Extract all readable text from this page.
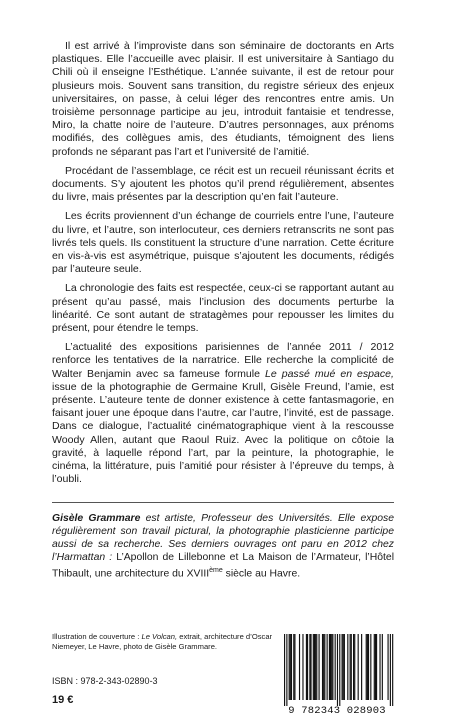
Il est arrivé à l’improviste dans son séminaire de doctorants en Arts plastiques. Elle l’accueille avec plaisir. Il est universitaire à Santiago du Chili où il enseigne l’Esthétique. L’année suivante, il est de retour pour plusieurs mois. Souvent sans transition, du registre sérieux des enjeux universitaires, on passe, à celui léger des rencontres entre amis. Un troisième personnage participe au jeu, introduit fantaisie et tendresse, Miro, la chatte noire de l’auteure. D’autres personnages, aux prénoms modifiés, des collègues amis, des étudiants, témoignent des liens profonds ne séparant pas l’art et l’université de l’amitié.

Procédant de l’assemblage, ce récit est un recueil réunissant écrits et documents. S’y ajoutent les photos qu’il prend régulièrement, absentes du livre, mais présentes par la description qu’en fait l’auteure.

Les écrits proviennent d’un échange de courriels entre l’une, l’auteure du livre, et l’autre, son interlocuteur, ces derniers retranscrits ne sont pas livrés tels quels. Ils constituent la structure d’une narration. Cette écriture en vis-à-vis est asymétrique, puisque s’ajoutent les documents, rédigés par l’auteure seule.

La chronologie des faits est respectée, ceux-ci se rapportant autant au présent qu’au passé, mais l’inclusion des documents perturbe la linéarité. Ce sont autant de stratagèmes pour repousser les limites du présent, pour étendre le temps.

L’actualité des expositions parisiennes de l’année 2011 / 2012 renforce les tentatives de la narratrice. Elle recherche la complicité de Walter Benjamin avec sa fameuse formule Le passé mué en espace, issue de la photographie de Germaine Krull, Gisèle Freund, l’amie, est présente. L’auteure tente de donner existence à cette fantasmagorie, en faisant jouer une époque dans l’autre, car l’autre, l’invité, est de passage. Dans ce dialogue, l’actualité cinématographique vient à la rescousse Woody Allen, autant que Raoul Ruiz. Avec la politique on côtoie la gravité, à laquelle répond l’art, par la peinture, la photographie, le cinéma, la littérature, puis l’amitié pour résister à l’épreuve du temps, à l’oubli.

Gisèle Grammare est artiste, Professeur des Universités. Elle expose régulièrement son travail pictural, la photographie plasticienne participe aussi de sa recherche. Ses derniers ouvrages ont paru en 2012 chez l’Harmattan : L’Apollon de Lillebonne et La Maison de l’Armateur, l’Hôtel Thibault, une architecture du XVIIIème siècle au Havre.
Illustration de couverture : Le Volcan, extrait, architecture d’Oscar Niemeyer, Le Havre, photo de Gisèle Grammare.
ISBN : 978-2-343-02890-3
19 €
9 782343 028903
